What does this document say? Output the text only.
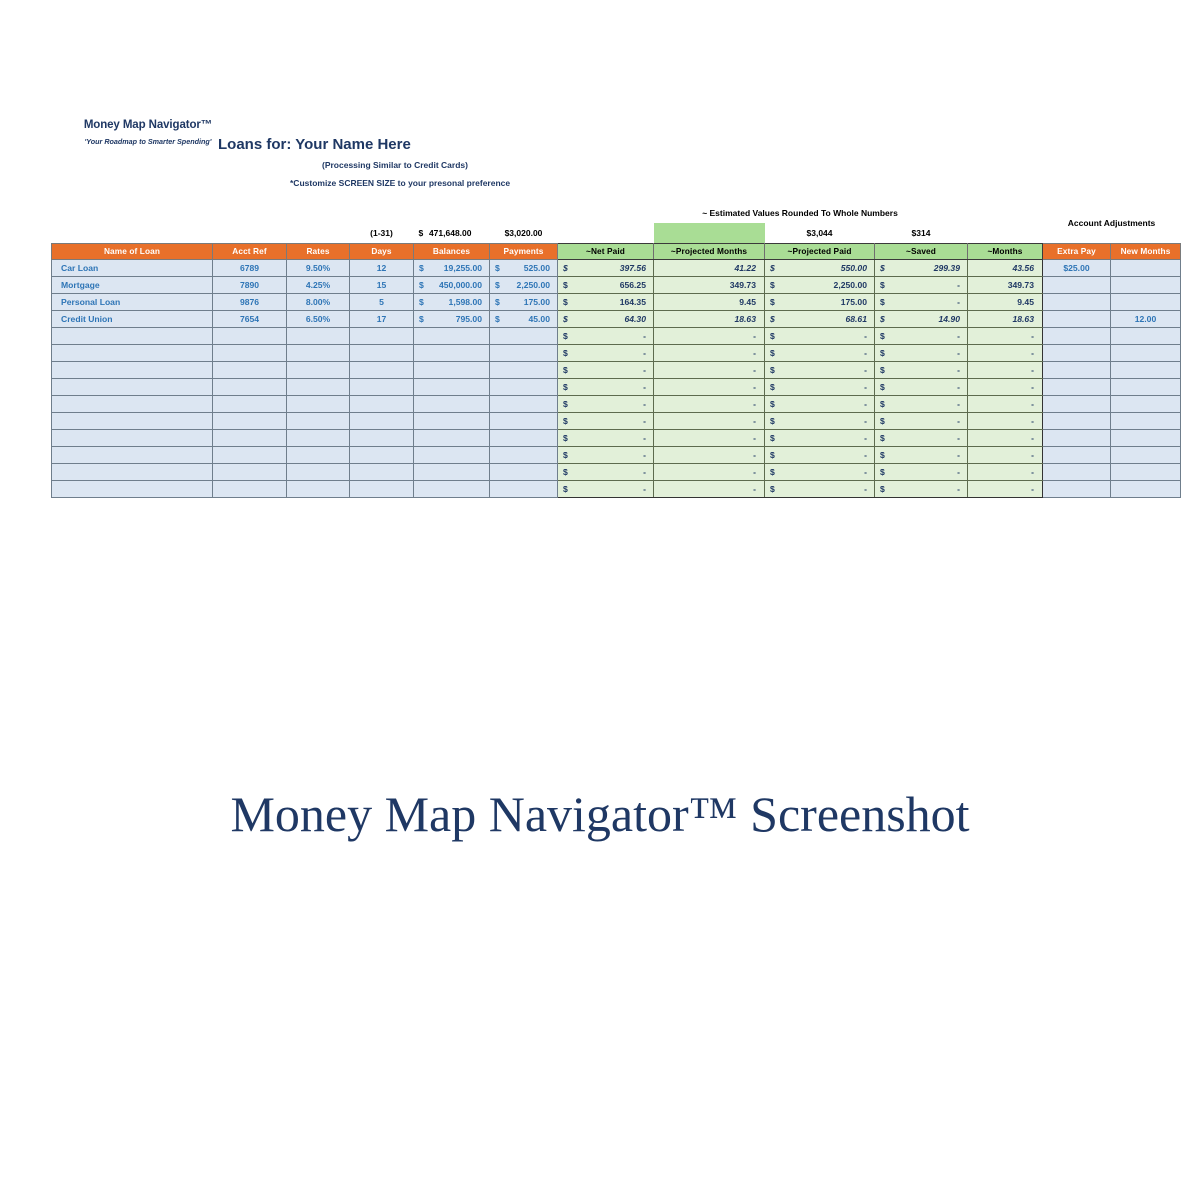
Money Map Navigator™
'Your Roadmap to Smarter Spending' Loans for: Your Name Here
(Processing Similar to Credit Cards)
*Customize SCREEN SIZE to your presonal preference
						~ Estimated Values Rounded To Whole Numbers					Account Adjustments	
			(1-31)	$ 471,648.00	$3,020.00			$3,044	$314			
Name of Loan	Acct Ref	Rates	Days	Balances	Payments	~Net Paid	~Projected Months	~Projected Paid	~Saved	~Months	Extra Pay	New Months
Car Loan	6789	9.50%	12	$ 19,255.00	$ 525.00	$ 397.56	41.22	$ 550.00	$ 299.39	43.56	$25.00	
Mortgage	7890	4.25%	15	$ 450,000.00	$ 2,250.00	$ 656.25	349.73	$ 2,250.00	$ -	349.73		
Personal Loan	9876	8.00%	5	$ 1,598.00	$ 175.00	$ 164.35	9.45	$ 175.00	$ -	9.45		
Credit Union	7654	6.50%	17	$ 795.00	$ 45.00	$ 64.30	18.63	$ 68.61	$ 14.90	18.63		12.00

						$ -	-	$ -	$ -	-		

						$ -	-	$ -	$ -	-		

						$ -	-	$ -	$ -	-		

						$ -	-	$ -	$ -	-		

						$ -	-	$ -	$ -	-		

						$ -	-	$ -	$ -	-		

						$ -	-	$ -	$ -	-		

						$ -	-	$ -	$ -	-		

						$ -	-	$ -	$ -	-		

						$ -	-	$ -	$ -	-		
Money Map Navigator™ Screenshot
